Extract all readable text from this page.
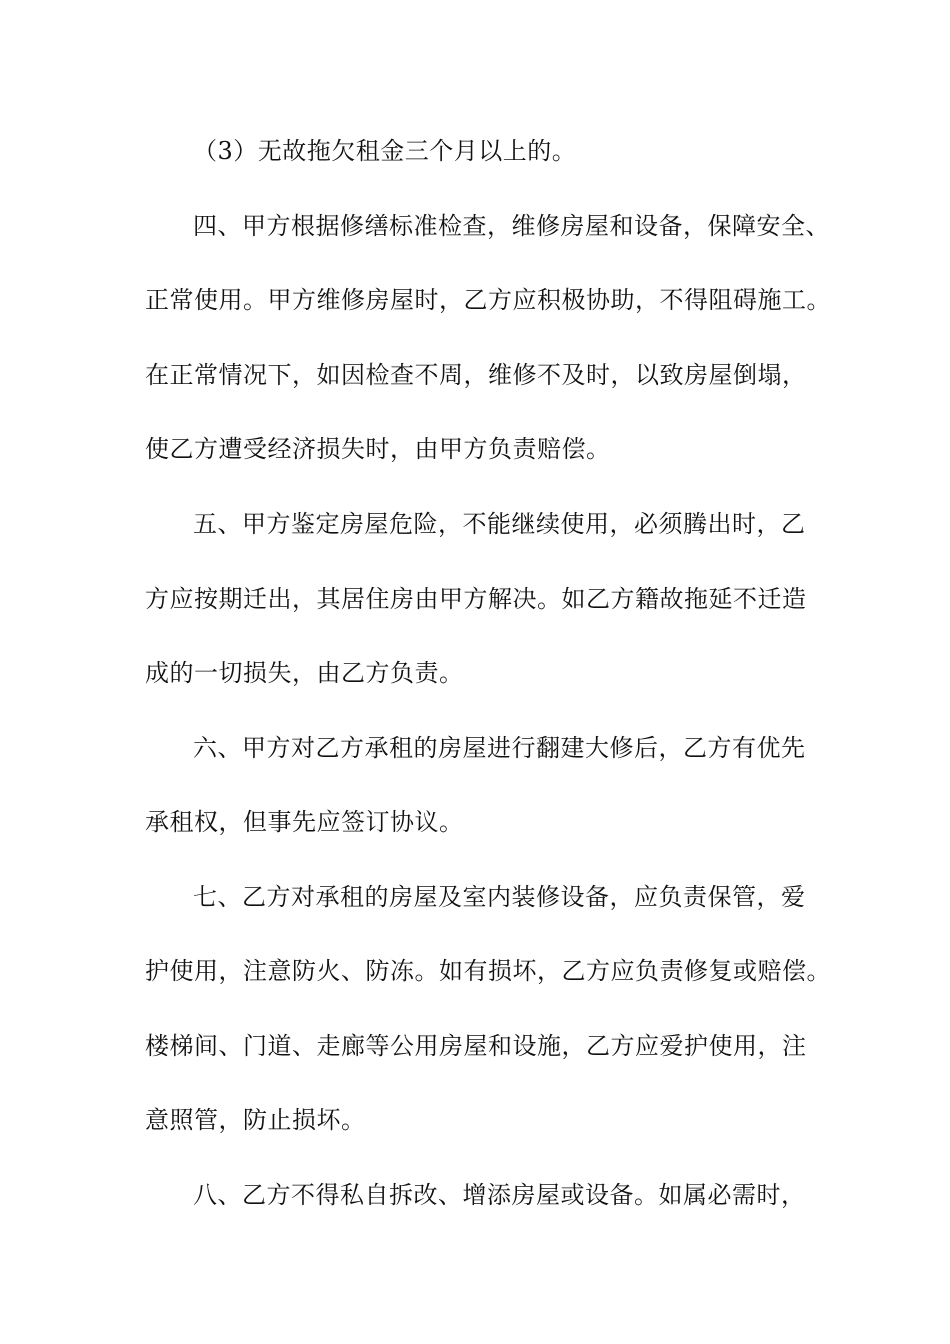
（3）无故拖欠租金三个月以上的。
四、甲方根据修缮标准检查，维修房屋和设备，保障安全、
正常使用。甲方维修房屋时，乙方应积极协助，不得阻碍施工。
在正常情况下，如因检查不周，维修不及时，以致房屋倒塌，
使乙方遭受经济损失时，由甲方负责赔偿。
五、甲方鉴定房屋危险，不能继续使用，必须腾出时，乙
方应按期迁出，其居住房由甲方解决。如乙方籍故拖延不迁造
成的一切损失，由乙方负责。
六、甲方对乙方承租的房屋进行翻建大修后，乙方有优先
承租权，但事先应签订协议。
七、乙方对承租的房屋及室内装修设备，应负责保管，爱
护使用，注意防火、防冻。如有损坏，乙方应负责修复或赔偿。
楼梯间、门道、走廊等公用房屋和设施，乙方应爱护使用，注
意照管，防止损坏。
八、乙方不得私自拆改、增添房屋或设备。如属必需时，
